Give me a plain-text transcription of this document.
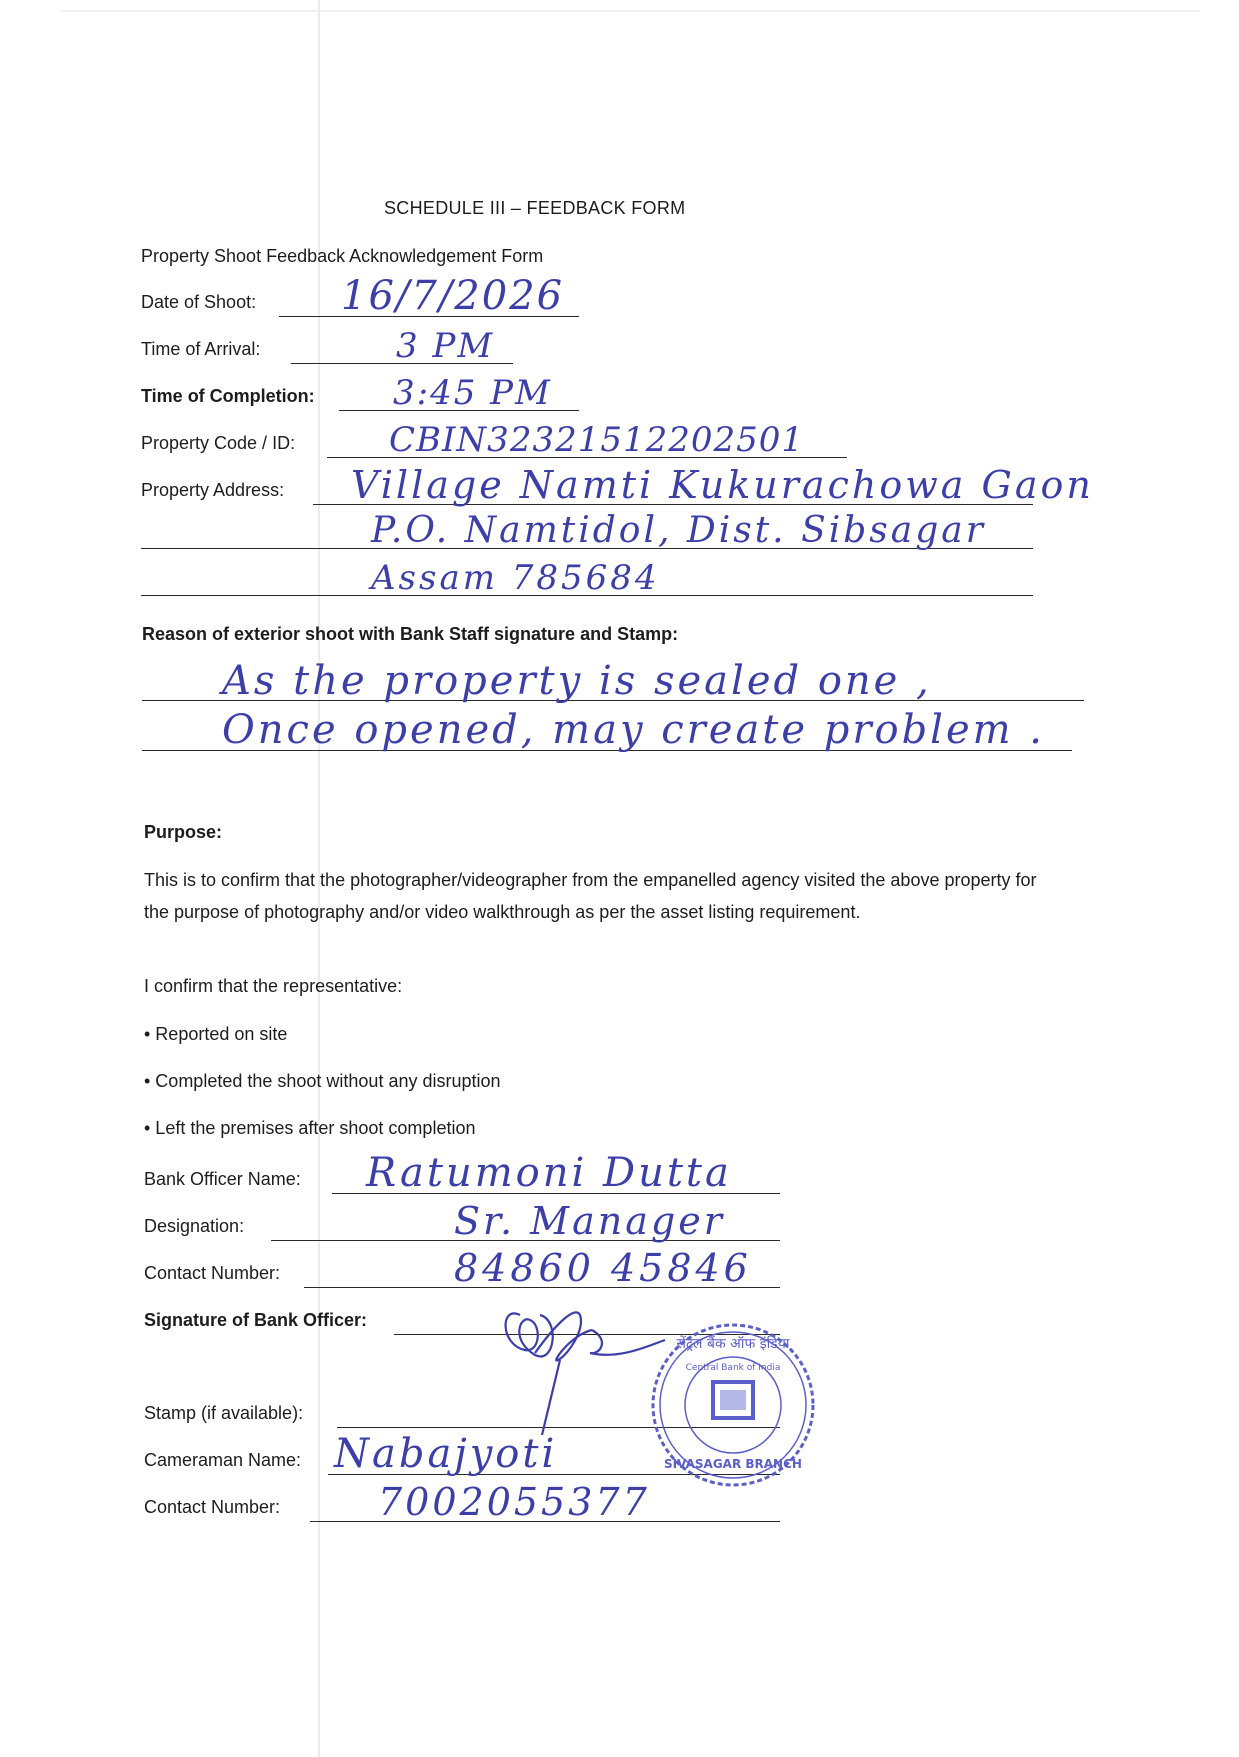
SCHEDULE III – FEEDBACK FORM
Property Shoot Feedback Acknowledgement Form
Date of Shoot: 16/7/2026
Time of Arrival:	3 PM
Time of Completion: 3:45 PM
Property Code / ID:	CBIN32321512202501
Property Address: Village Namti Kukurachowa Gaon
P.O. Namtidol, Dist. Sibsagar
Assam 785684
Reason of exterior shoot with Bank Staff signature and Stamp:
As the property is sealed one ,
Once opened, may create problem .
Purpose:
This is to confirm that the photographer/videographer from the empanelled agency visited the above property for the purpose of photography and/or video walkthrough as per the asset listing requirement.
I confirm that the representative:
• Reported on site
• Completed the shoot without any disruption
• Left the premises after shoot completion
Bank Officer Name: Ratumoni Dutta
Designation:	Sr. Manager
Contact Number:	84860 45846
Signature of Bank Officer:
Stamp (if available):
Cameraman Name: Nabajyoti
Contact Number:	7002055377
सेंट्रल बैंक ऑफ इंडिया
Central Bank of India
SIVASAGAR BRANCH
